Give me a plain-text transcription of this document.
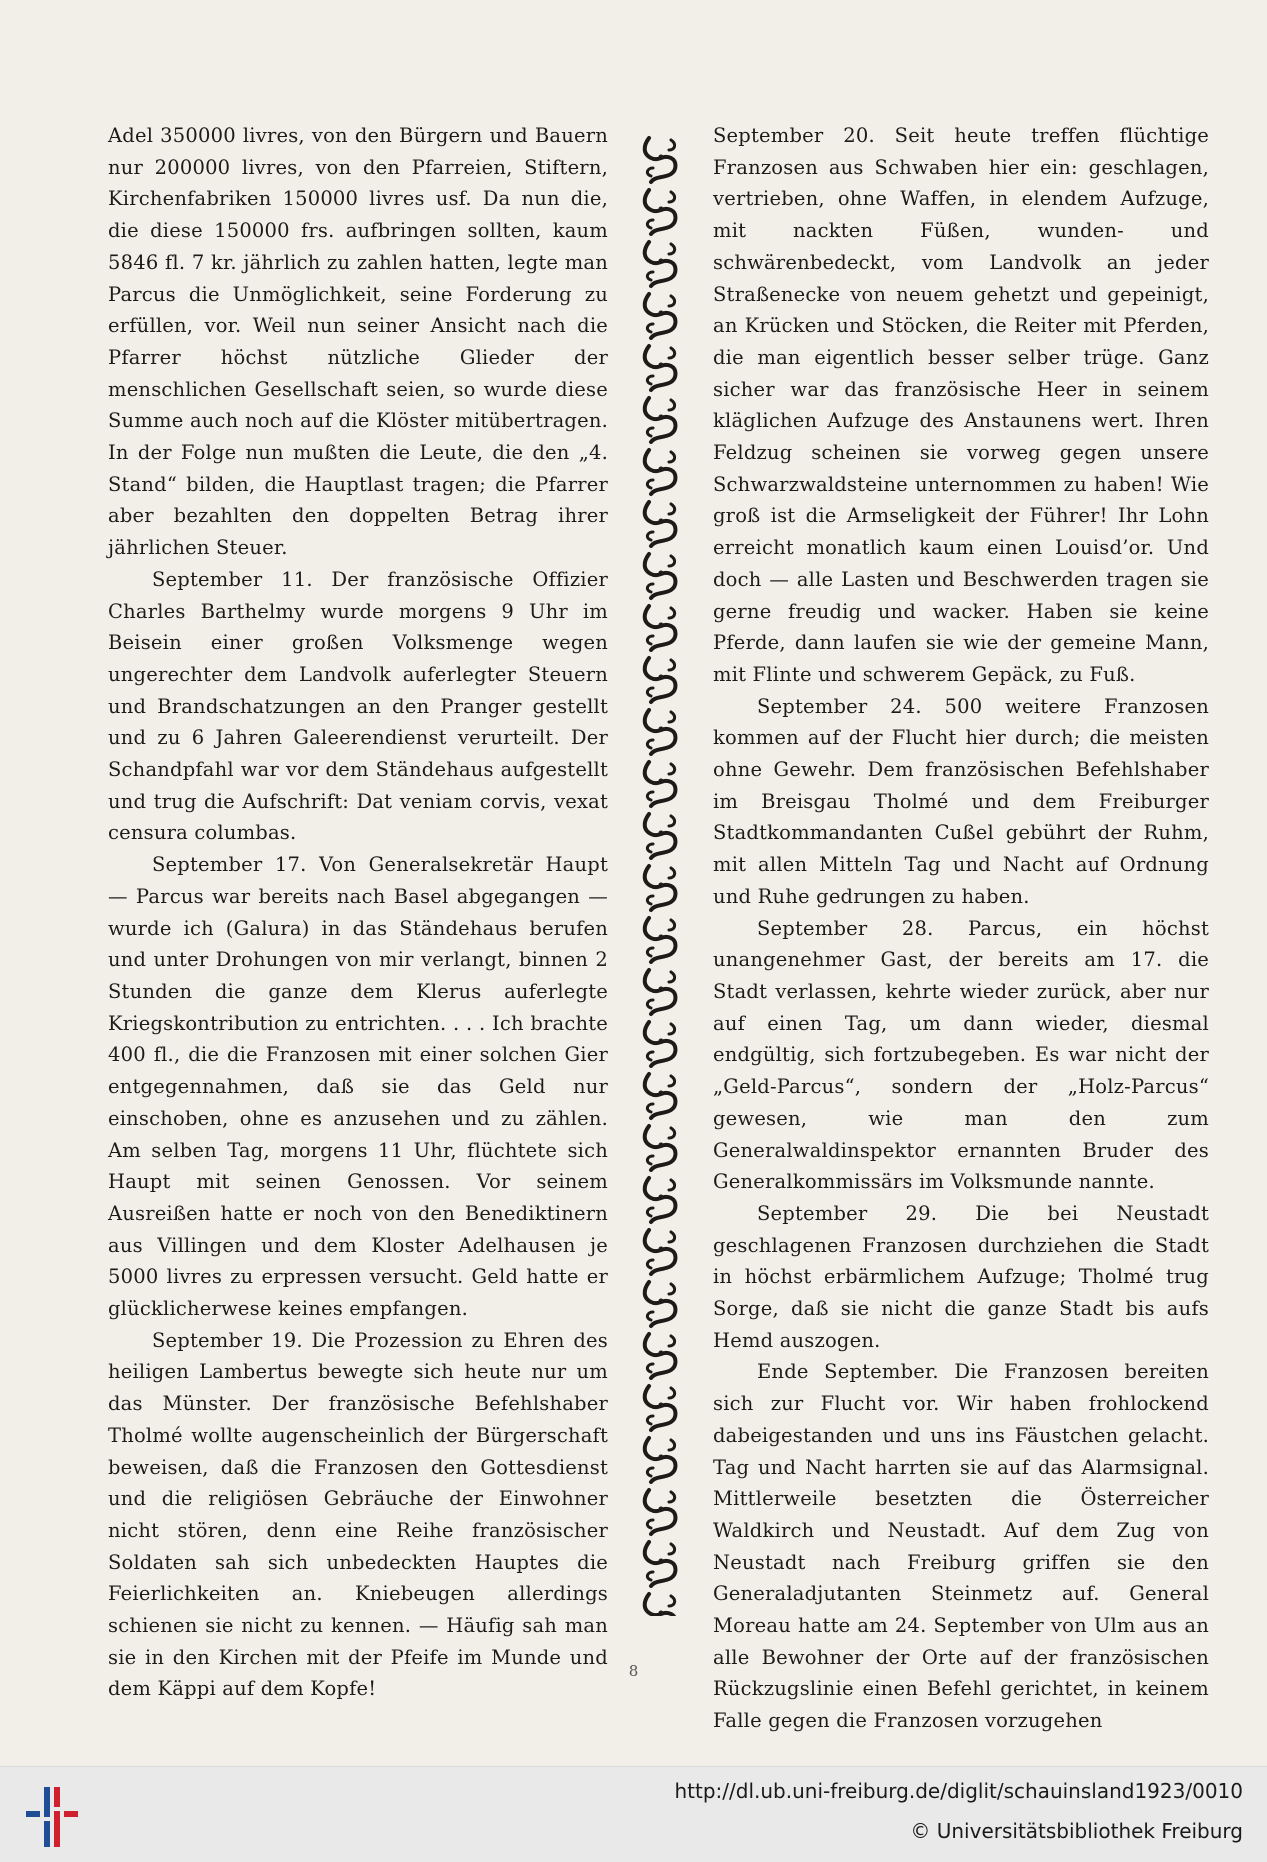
Adel 350000 livres, von den Bürgern und Bauern nur 200000 livres, von den Pfarreien, Stiftern, Kirchenfabriken 150000 livres usf. Da nun die, die diese 150000 frs. aufbringen sollten, kaum 5846 fl. 7 kr. jährlich zu zahlen hatten, legte man Parcus die Unmöglichkeit, seine Forderung zu erfüllen, vor. Weil nun seiner Ansicht nach die Pfarrer höchst nützliche Glieder der menschlichen Gesellschaft seien, so wurde diese Summe auch noch auf die Klöster mitübertragen. In der Folge nun mußten die Leute, die den „4. Stand“ bilden, die Hauptlast tragen; die Pfarrer aber bezahlten den doppelten Betrag ihrer jährlichen Steuer.

September 11. Der französische Offizier Charles Barthelmy wurde morgens 9 Uhr im Beisein einer großen Volksmenge wegen ungerechter dem Landvolk auferlegter Steuern und Brandschatzungen an den Pranger gestellt und zu 6 Jahren Galeerendienst verurteilt. Der Schandpfahl war vor dem Ständehaus aufgestellt und trug die Aufschrift: Dat veniam corvis, vexat censura columbas.

September 17. Von Generalsekretär Haupt — Parcus war bereits nach Basel abgegangen — wurde ich (Galura) in das Ständehaus berufen und unter Drohungen von mir verlangt, binnen 2 Stunden die ganze dem Klerus auferlegte Kriegskontribution zu entrichten. . . . Ich brachte 400 fl., die die Franzosen mit einer solchen Gier entgegennahmen, daß sie das Geld nur einschoben, ohne es anzusehen und zu zählen. Am selben Tag, morgens 11 Uhr, flüchtete sich Haupt mit seinen Genossen. Vor seinem Ausreißen hatte er noch von den Benediktinern aus Villingen und dem Kloster Adelhausen je 5000 livres zu erpressen versucht. Geld hatte er glücklicherwese keines empfangen.

September 19. Die Prozession zu Ehren des heiligen Lambertus bewegte sich heute nur um das Münster. Der französische Befehlshaber Tholmé wollte augenscheinlich der Bürgerschaft beweisen, daß die Franzosen den Gottesdienst und die religiösen Gebräuche der Einwohner nicht stören, denn eine Reihe französischer Soldaten sah sich unbedeckten Hauptes die Feierlichkeiten an. Kniebeugen allerdings schienen sie nicht zu kennen. — Häufig sah man sie in den Kirchen mit der Pfeife im Munde und dem Käppi auf dem Kopfe!

September 20. Seit heute treffen flüchtige Franzosen aus Schwaben hier ein: geschlagen, vertrieben, ohne Waffen, in elendem Aufzuge, mit nackten Füßen, wunden- und schwärenbedeckt, vom Landvolk an jeder Straßenecke von neuem gehetzt und gepeinigt, an Krücken und Stöcken, die Reiter mit Pferden, die man eigentlich besser selber trüge. Ganz sicher war das französische Heer in seinem kläglichen Aufzuge des Anstaunens wert. Ihren Feldzug scheinen sie vorweg gegen unsere Schwarzwaldsteine unternommen zu haben! Wie groß ist die Armseligkeit der Führer! Ihr Lohn erreicht monatlich kaum einen Louisd’or. Und doch — alle Lasten und Beschwerden tragen sie gerne freudig und wacker. Haben sie keine Pferde, dann laufen sie wie der gemeine Mann, mit Flinte und schwerem Gepäck, zu Fuß.

September 24. 500 weitere Franzosen kommen auf der Flucht hier durch; die meisten ohne Gewehr. Dem französischen Befehlshaber im Breisgau Tholmé und dem Freiburger Stadtkommandanten Cußel gebührt der Ruhm, mit allen Mitteln Tag und Nacht auf Ordnung und Ruhe gedrungen zu haben.

September 28. Parcus, ein höchst unangenehmer Gast, der bereits am 17. die Stadt verlassen, kehrte wieder zurück, aber nur auf einen Tag, um dann wieder, diesmal endgültig, sich fortzubegeben. Es war nicht der „Geld-Parcus“, sondern der „Holz-Parcus“ gewesen, wie man den zum Generalwaldinspektor ernannten Bruder des Generalkommissärs im Volksmunde nannte.

September 29. Die bei Neustadt geschlagenen Franzosen durchziehen die Stadt in höchst erbärmlichem Aufzuge; Tholmé trug Sorge, daß sie nicht die ganze Stadt bis aufs Hemd auszogen.

Ende September. Die Franzosen bereiten sich zur Flucht vor. Wir haben frohlockend dabeigestanden und uns ins Fäustchen gelacht. Tag und Nacht harrten sie auf das Alarmsignal. Mittlerweile besetzten die Österreicher Waldkirch und Neustadt. Auf dem Zug von Neustadt nach Freiburg griffen sie den Generaladjutanten Steinmetz auf. General Moreau hatte am 24. September von Ulm aus an alle Bewohner der Orte auf der französischen Rückzugslinie einen Befehl gerichtet, in keinem Falle gegen die Franzosen vorzugehen

8
http://dl.ub.uni-freiburg.de/diglit/schauinsland1923/0010
© Universitätsbibliothek Freiburg
